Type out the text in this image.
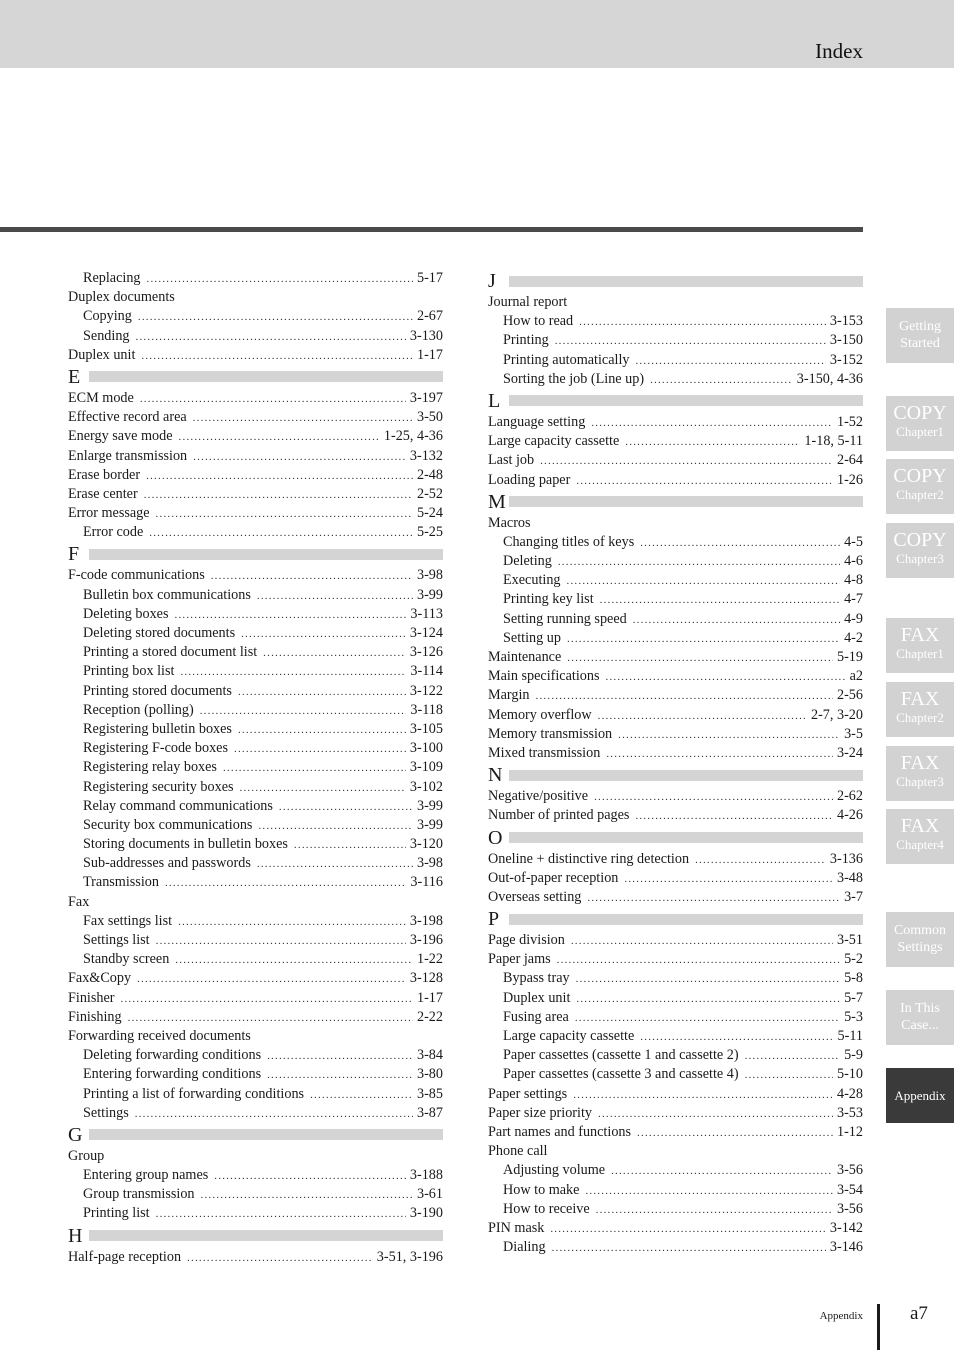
Index
Replacing .....	5-17
Duplex documents
Copying .....	2-67
Sending .....	3-130
Duplex unit .....	1-17
E
ECM mode .....	3-197
Effective record area .....	3-50
Energy save mode .....	1-25, 4-36
Enlarge transmission .....	3-132
Erase border .....	2-48
Erase center .....	2-52
Error message .....	5-24
Error code .....	5-25
F
F-code communications .....	3-98
Bulletin box communications .....	3-99
Deleting boxes .....	3-113
Deleting stored documents .....	3-124
Printing a stored document list .....	3-126
Printing box list .....	3-114
Printing stored documents .....	3-122
Reception (polling) .....	3-118
Registering bulletin boxes .....	3-105
Registering F-code boxes .....	3-100
Registering relay boxes .....	3-109
Registering security boxes .....	3-102
Relay command communications .....	3-99
Security box communications .....	3-99
Storing documents in bulletin boxes .....	3-120
Sub-addresses and passwords .....	3-98
Transmission .....	3-116
Fax
Fax settings list .....	3-198
Settings list .....	3-196
Standby screen .....	1-22
Fax&Copy .....	3-128
Finisher .....	1-17
Finishing .....	2-22
Forwarding received documents
Deleting forwarding conditions .....	3-84
Entering forwarding conditions .....	3-80
Printing a list of forwarding conditions .....	3-85
Settings .....	3-87
G
Group
Entering group names .....	3-188
Group transmission .....	3-61
Printing list .....	3-190
H
Half-page reception .....	3-51, 3-196
J
Journal report
How to read .....	3-153
Printing .....	3-150
Printing automatically .....	3-152
Sorting the job (Line up) .....	3-150, 4-36
L
Language setting .....	1-52
Large capacity cassette .....	1-18, 5-11
Last job .....	2-64
Loading paper .....	1-26
M
Macros
Changing titles of keys .....	4-5
Deleting .....	4-6
Executing .....	4-8
Printing key list .....	4-7
Setting running speed .....	4-9
Setting up .....	4-2
Maintenance .....	5-19
Main specifications .....	a2
Margin .....	2-56
Memory overflow .....	2-7, 3-20
Memory transmission .....	3-5
Mixed transmission .....	3-24
N
Negative/positive .....	2-62
Number of printed pages .....	4-26
O
Oneline + distinctive ring detection .....	3-136
Out-of-paper reception .....	3-48
Overseas setting .....	3-7
P
Page division .....	3-51
Paper jams .....	5-2
Bypass tray .....	5-8
Duplex unit .....	5-7
Fusing area .....	5-3
Large capacity cassette .....	5-11
Paper cassettes (cassette 1 and cassette 2) .....	5-9
Paper cassettes (cassette 3 and cassette 4) .....	5-10
Paper settings .....	4-28
Paper size priority .....	3-53
Part names and functions .....	1-12
Phone call
Adjusting volume .....	3-56
How to make .....	3-54
How to receive .....	3-56
PIN mask .....	3-142
Dialing .....	3-146
Getting
Started
COPY
Chapter1
COPY
Chapter2
COPY
Chapter3
FAX
Chapter1
FAX
Chapter2
FAX
Chapter3
FAX
Chapter4
Common
Settings
In This
Case...
Appendix
Appendix a7
